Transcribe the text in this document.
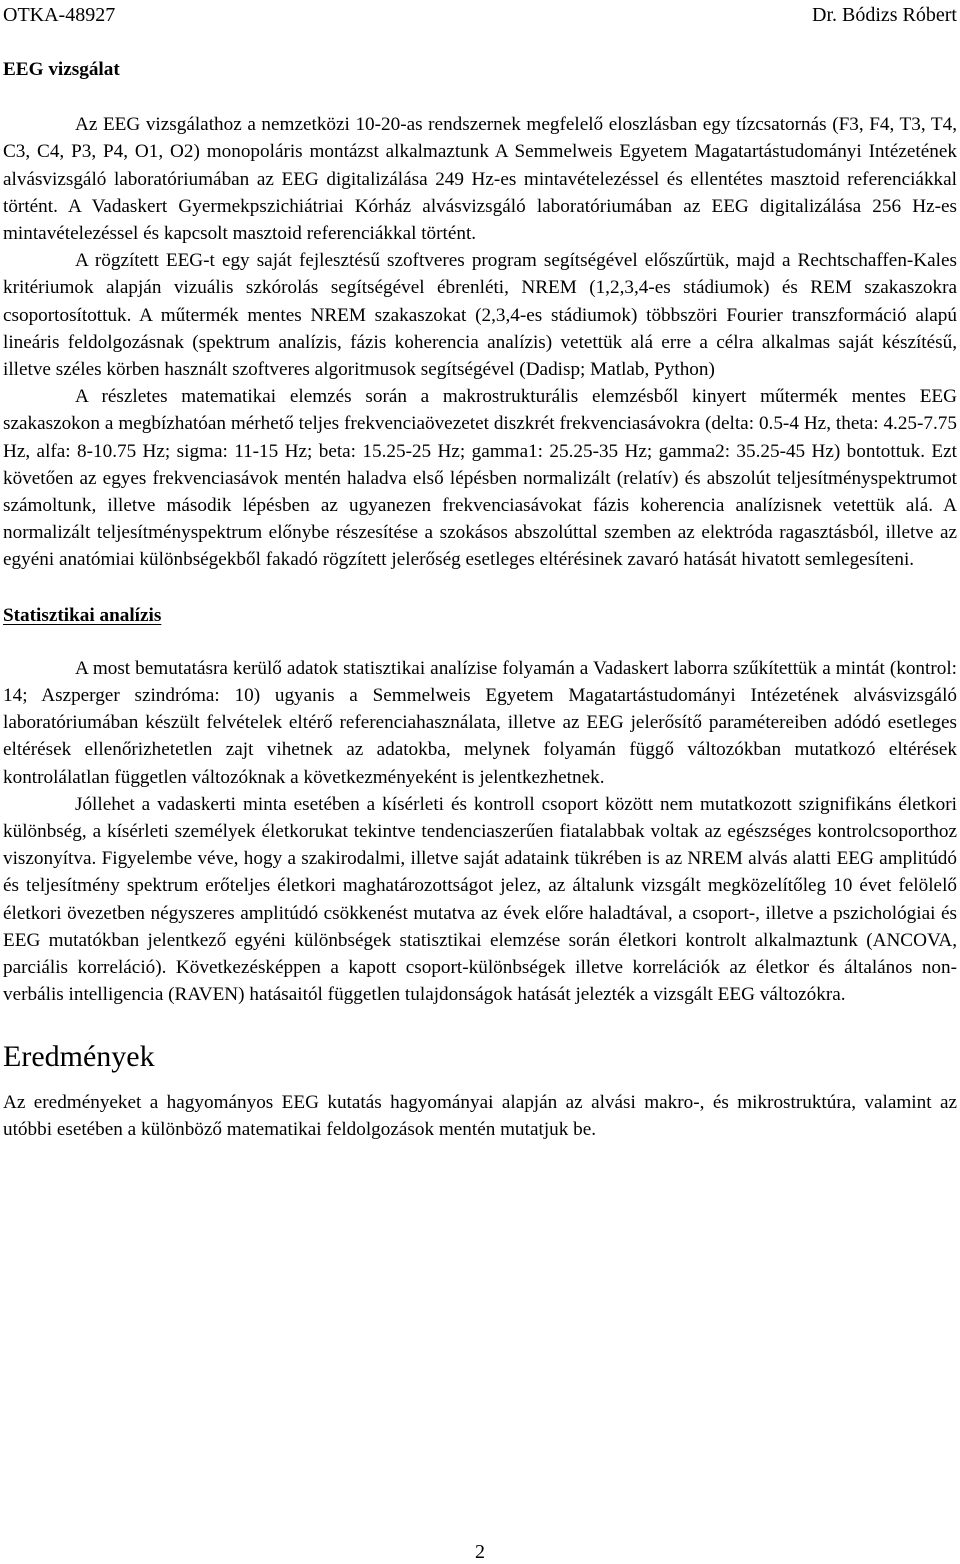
OTKA-48927	Dr. Bódizs Róbert
EEG vizsgálat

Az EEG vizsgálathoz a nemzetközi 10-20-as rendszernek megfelelő eloszlásban egy tízcsatornás (F3, F4, T3, T4, C3, C4, P3, P4, O1, O2) monopoláris montázst alkalmaztunk A Semmelweis Egyetem Magatartástudományi Intézetének alvásvizsgáló laboratóriumában az EEG digitalizálása 249 Hz-es mintavételezéssel és ellentétes masztoid referenciákkal történt. A Vadaskert Gyermekpszichiátriai Kórház alvásvizsgáló laboratóriumában az EEG digitalizálása 256 Hz-es mintavételezéssel és kapcsolt masztoid referenciákkal történt.

A rögzített EEG-t egy saját fejlesztésű szoftveres program segítségével előszűrtük, majd a Rechtschaffen-Kales kritériumok alapján vizuális szkórolás segítségével ébrenléti, NREM (1,2,3,4-es stádiumok) és REM szakaszokra csoportosítottuk. A műtermék mentes NREM szakaszokat (2,3,4-es stádiumok) többszöri Fourier transzformáció alapú lineáris feldolgozásnak (spektrum analízis, fázis koherencia analízis) vetettük alá erre a célra alkalmas saját készítésű, illetve széles körben használt szoftveres algoritmusok segítségével (Dadisp; Matlab, Python)

A részletes matematikai elemzés során a makrostrukturális elemzésből kinyert műtermék mentes EEG szakaszokon a megbízhatóan mérhető teljes frekvenciaövezetet diszkrét frekvenciasávokra (delta: 0.5-4 Hz, theta: 4.25-7.75 Hz, alfa: 8-10.75 Hz; sigma: 11-15 Hz; beta: 15.25-25 Hz; gamma1: 25.25-35 Hz; gamma2: 35.25-45 Hz) bontottuk. Ezt követően az egyes frekvenciasávok mentén haladva első lépésben normalizált (relatív) és abszolút teljesítményspektrumot számoltunk, illetve második lépésben az ugyanezen frekvenciasávokat fázis koherencia analízisnek vetettük alá. A normalizált teljesítményspektrum előnybe részesítése a szokásos abszolúttal szemben az elektróda ragasztásból, illetve az egyéni anatómiai különbségekből fakadó rögzített jelerőség esetleges eltérésinek zavaró hatását hivatott semlegesíteni.

Statisztikai analízis

A most bemutatásra kerülő adatok statisztikai analízise folyamán a Vadaskert laborra szűkítettük a mintát (kontrol: 14; Aszperger szindróma: 10) ugyanis a Semmelweis Egyetem Magatartástudományi Intézetének alvásvizsgáló laboratóriumában készült felvételek eltérő referenciahasználata, illetve az EEG jelerősítő paramétereiben adódó esetleges eltérések ellenőrizhetetlen zajt vihetnek az adatokba, melynek folyamán függő változókban mutatkozó eltérések kontrolálatlan független változóknak a következményeként is jelentkezhetnek.

Jóllehet a vadaskerti minta esetében a kísérleti és kontroll csoport között nem mutatkozott szignifikáns életkori különbség, a kísérleti személyek életkorukat tekintve tendenciaszerűen fiatalabbak voltak az egészséges kontrolcsoporthoz viszonyítva. Figyelembe véve, hogy a szakirodalmi, illetve saját adataink tükrében is az NREM alvás alatti EEG amplitúdó és teljesítmény spektrum erőteljes életkori maghatározottságot jelez, az általunk vizsgált megközelítőleg 10 évet felölelő életkori övezetben négyszeres amplitúdó csökkenést mutatva az évek előre haladtával, a csoport-, illetve a pszichológiai és EEG mutatókban jelentkező egyéni különbségek statisztikai elemzése során életkori kontrolt alkalmaztunk (ANCOVA, parciális korreláció). Következésképpen a kapott csoport-különbségek illetve korrelációk az életkor és általános non-verbális intelligencia (RAVEN) hatásaitól független tulajdonságok hatását jelezték a vizsgált EEG változókra.

Eredmények

Az eredményeket a hagyományos EEG kutatás hagyományai alapján az alvási makro-, és mikrostruktúra, valamint az utóbbi esetében a különböző matematikai feldolgozások mentén mutatjuk be.

2
